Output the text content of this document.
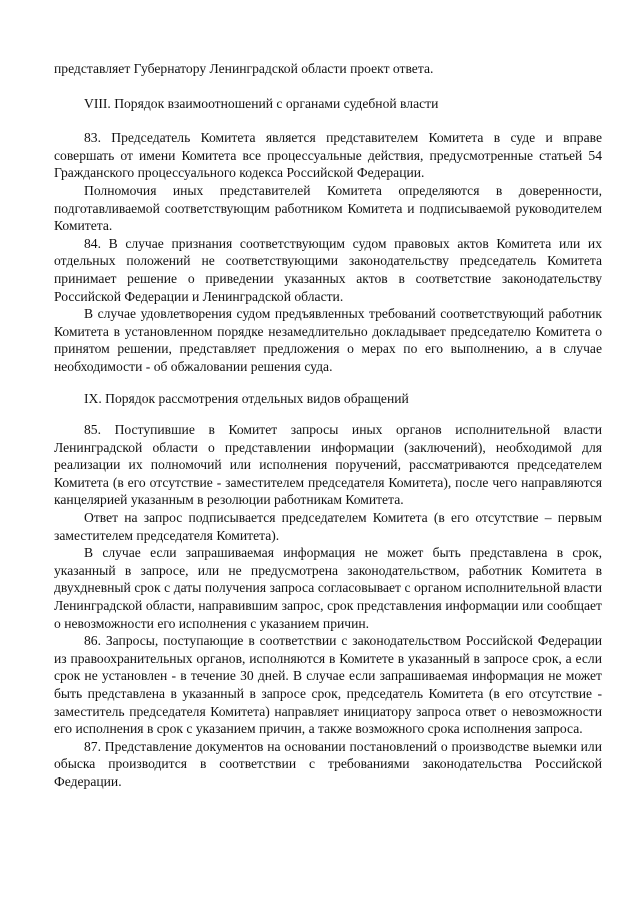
представляет Губернатору Ленинградской области проект ответа.

VIII. Порядок взаимоотношений с органами судебной власти

83. Председатель Комитета является представителем Комитета в суде и вправе совершать от имени Комитета все процессуальные действия, предусмотренные статьей 54 Гражданского процессуального кодекса Российской Федерации.

Полномочия иных представителей Комитета определяются в доверенности, подготавливаемой соответствующим работником Комитета и подписываемой руководителем Комитета.

84. В случае признания соответствующим судом правовых актов Комитета или их отдельных положений не соответствующими законодательству председатель Комитета принимает решение о приведении указанных актов в соответствие законодательству Российской Федерации и Ленинградской области.

В случае удовлетворения судом предъявленных требований соответствующий работник Комитета в установленном порядке незамедлительно докладывает председателю Комитета о принятом решении, представляет предложения о мерах по его выполнению, а в случае необходимости - об обжаловании решения суда.

IX. Порядок рассмотрения отдельных видов обращений

85. Поступившие в Комитет запросы иных органов исполнительной власти Ленинградской области о представлении информации (заключений), необходимой для реализации их полномочий или исполнения поручений, рассматриваются председателем Комитета (в его отсутствие - заместителем председателя Комитета), после чего направляются канцелярией указанным в резолюции работникам Комитета.

Ответ на запрос подписывается председателем Комитета (в его отсутствие – первым заместителем председателя Комитета).

В случае если запрашиваемая информация не может быть представлена в срок, указанный в запросе, или не предусмотрена законодательством, работник Комитета в двухдневный срок с даты получения запроса согласовывает с органом исполнительной власти Ленинградской области, направившим запрос, срок представления информации или сообщает о невозможности его исполнения с указанием причин.

86. Запросы, поступающие в соответствии с законодательством Российской Федерации из правоохранительных органов, исполняются в Комитете в указанный в запросе срок, а если срок не установлен - в течение 30 дней. В случае если запрашиваемая информация не может быть представлена в указанный в запросе срок, председатель Комитета (в его отсутствие - заместитель председателя Комитета) направляет инициатору запроса ответ о невозможности его исполнения в срок с указанием причин, а также возможного срока исполнения запроса.

87. Представление документов на основании постановлений о производстве выемки или обыска производится в соответствии с требованиями законодательства Российской Федерации.
